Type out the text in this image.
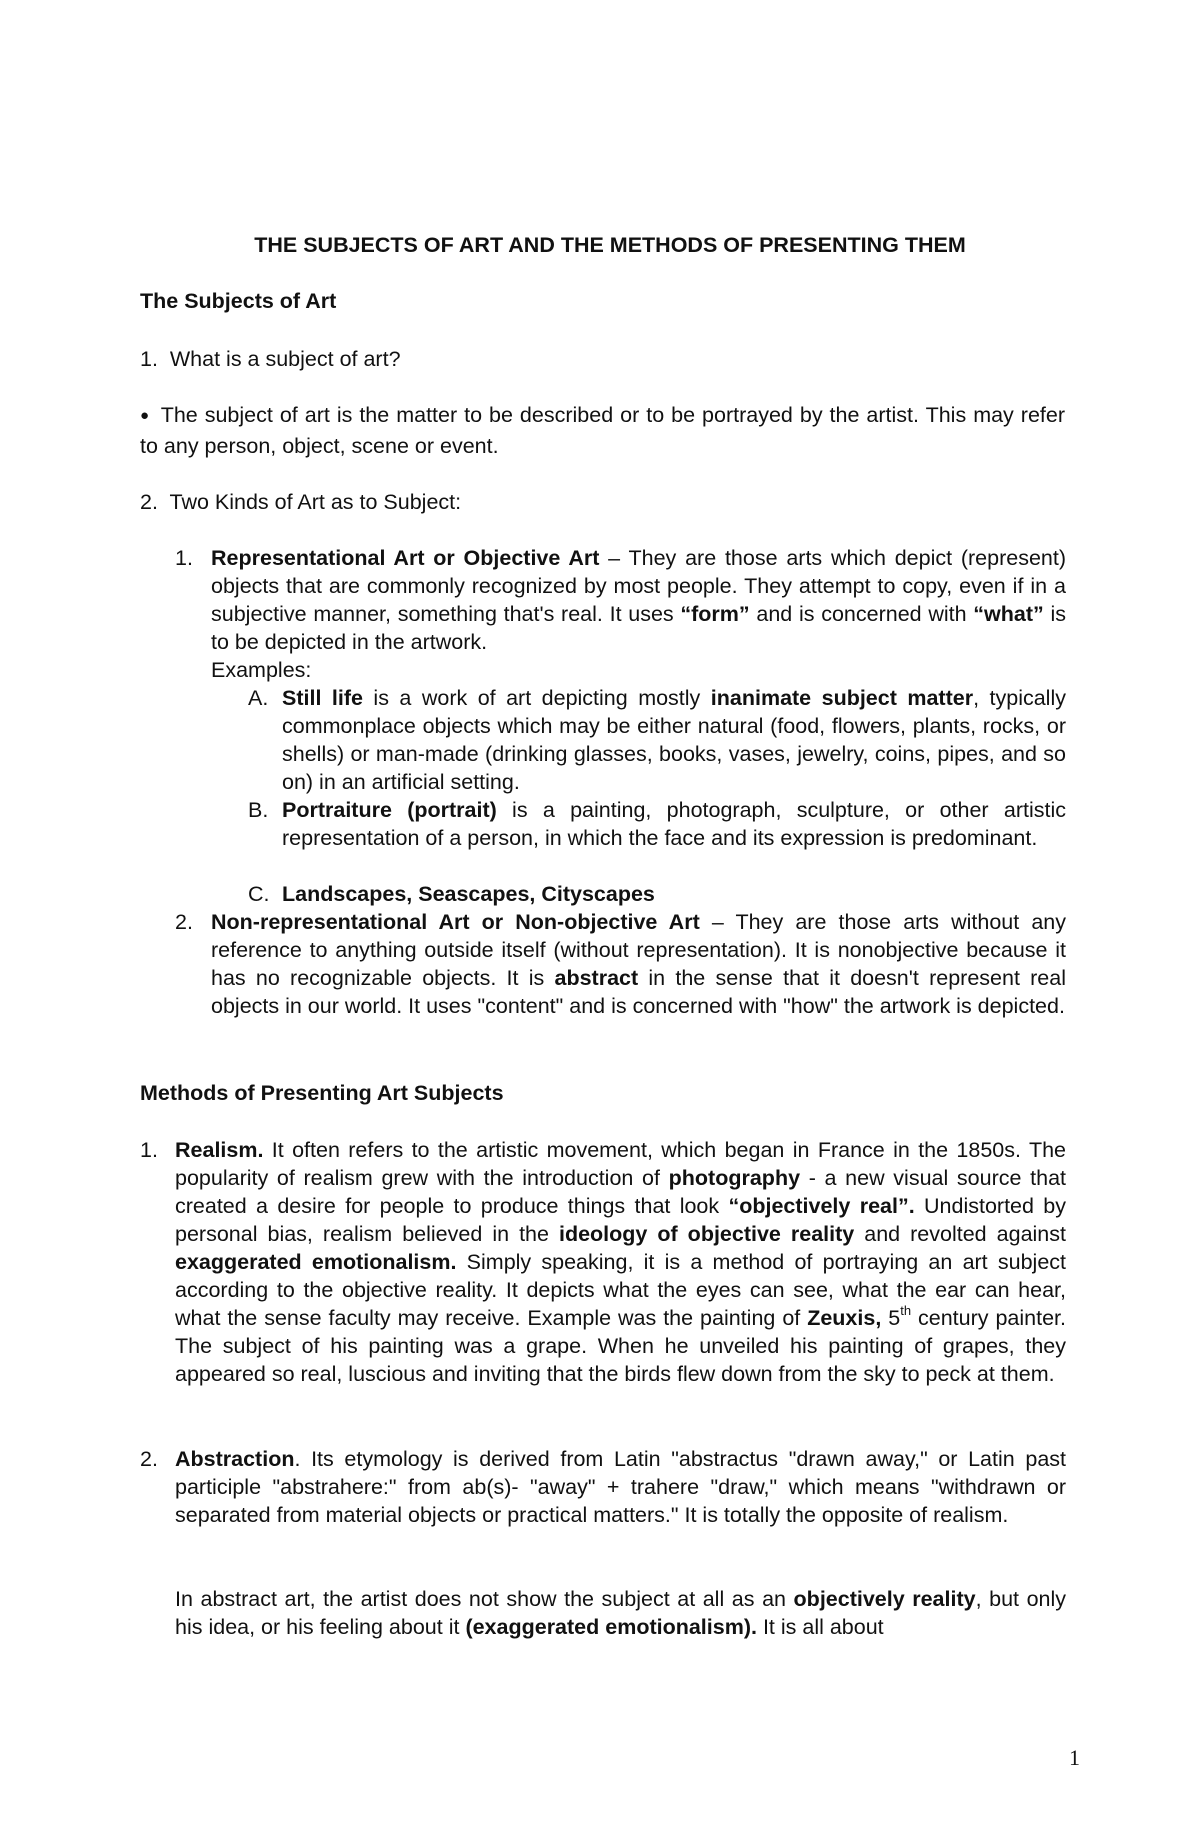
THE SUBJECTS OF ART AND THE METHODS OF PRESENTING THEM
The Subjects of Art
1. What is a subject of art?
● The subject of art is the matter to be described or to be portrayed by the artist. This may refer to any person, object, scene or event.
2. Two Kinds of Art as to Subject:
1. Representational Art or Objective Art – They are those arts which depict (represent) objects that are commonly recognized by most people. They attempt to copy, even if in a subjective manner, something that's real. It uses “form” and is concerned with “what” is to be depicted in the artwork.
Examples:
A. Still life is a work of art depicting mostly inanimate subject matter, typically commonplace objects which may be either natural (food, flowers, plants, rocks, or shells) or man-made (drinking glasses, books, vases, jewelry, coins, pipes, and so on) in an artificial setting.
B. Portraiture (portrait) is a painting, photograph, sculpture, or other artistic representation of a person, in which the face and its expression is predominant.
C. Landscapes, Seascapes, Cityscapes
2. Non-representational Art or Non-objective Art – They are those arts without any reference to anything outside itself (without representation). It is nonobjective because it has no recognizable objects. It is abstract in the sense that it doesn't represent real objects in our world. It uses "content" and is concerned with "how" the artwork is depicted.
Methods of Presenting Art Subjects
1. Realism. It often refers to the artistic movement, which began in France in the 1850s. The popularity of realism grew with the introduction of photography - a new visual source that created a desire for people to produce things that look “objectively real”. Undistorted by personal bias, realism believed in the ideology of objective reality and revolted against exaggerated emotionalism. Simply speaking, it is a method of portraying an art subject according to the objective reality. It depicts what the eyes can see, what the ear can hear, what the sense faculty may receive. Example was the painting of Zeuxis, 5th century painter. The subject of his painting was a grape. When he unveiled his painting of grapes, they appeared so real, luscious and inviting that the birds flew down from the sky to peck at them.
2. Abstraction. Its etymology is derived from Latin "abstractus "drawn away," or Latin past participle "abstrahere:" from ab(s)- "away" + trahere "draw," which means "withdrawn or separated from material objects or practical matters." It is totally the opposite of realism.
In abstract art, the artist does not show the subject at all as an objectively reality, but only his idea, or his feeling about it (exaggerated emotionalism). It is all about
1
